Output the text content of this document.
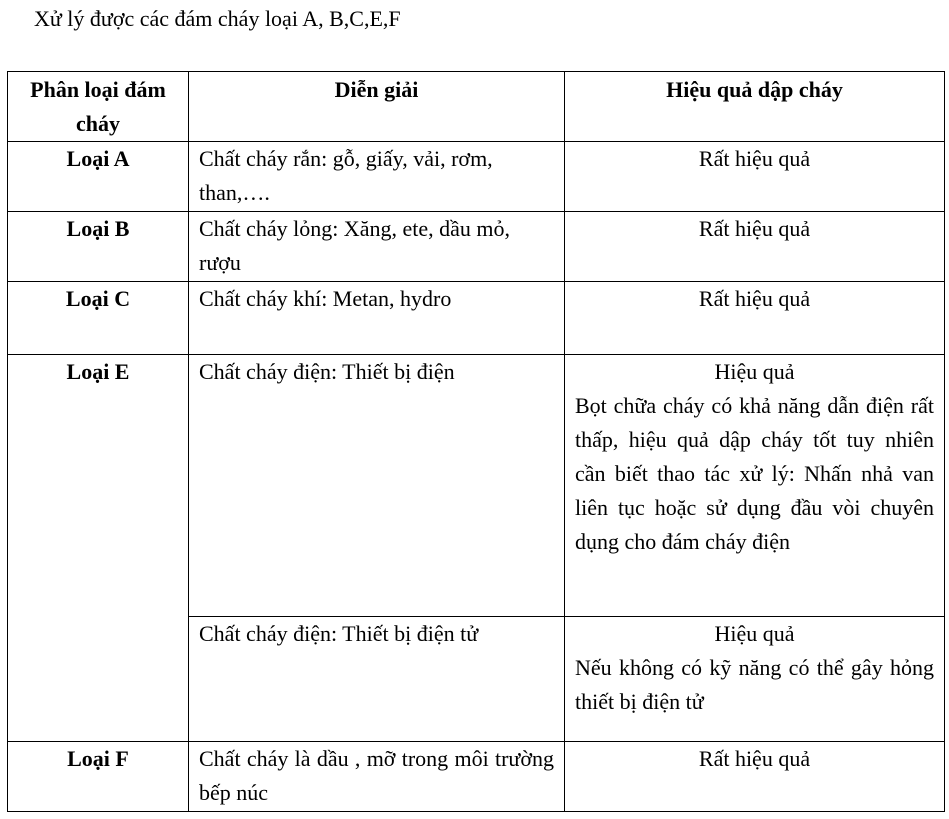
Xử lý được các đám cháy loại A, B,C,E,F
Phân loại đám cháy	Diễn giải	Hiệu quả dập cháy
Loại A	Chất cháy rắn: gỗ, giấy, vải, rơm, than,….	Rất hiệu quả
Loại B	Chất cháy lỏng: Xăng, ete, dầu mỏ, rượu	Rất hiệu quả
Loại C	Chất cháy khí: Metan, hydro	Rất hiệu quả
Loại E	Chất cháy điện: Thiết bị điện	Hiệu quả
Bọt chữa cháy có khả năng dẫn điện rất thấp, hiệu quả dập cháy tốt tuy nhiên cần biết thao tác xử lý: Nhấn nhả van liên tục hoặc sử dụng đầu vòi chuyên dụng cho đám cháy điện

	Chất cháy điện: Thiết bị điện tử	Hiệu quả
Nếu không có kỹ năng có thể gây hỏng thiết bị điện tử

Loại F	Chất cháy là dầu , mỡ trong môi trường bếp núc	Rất hiệu quả
